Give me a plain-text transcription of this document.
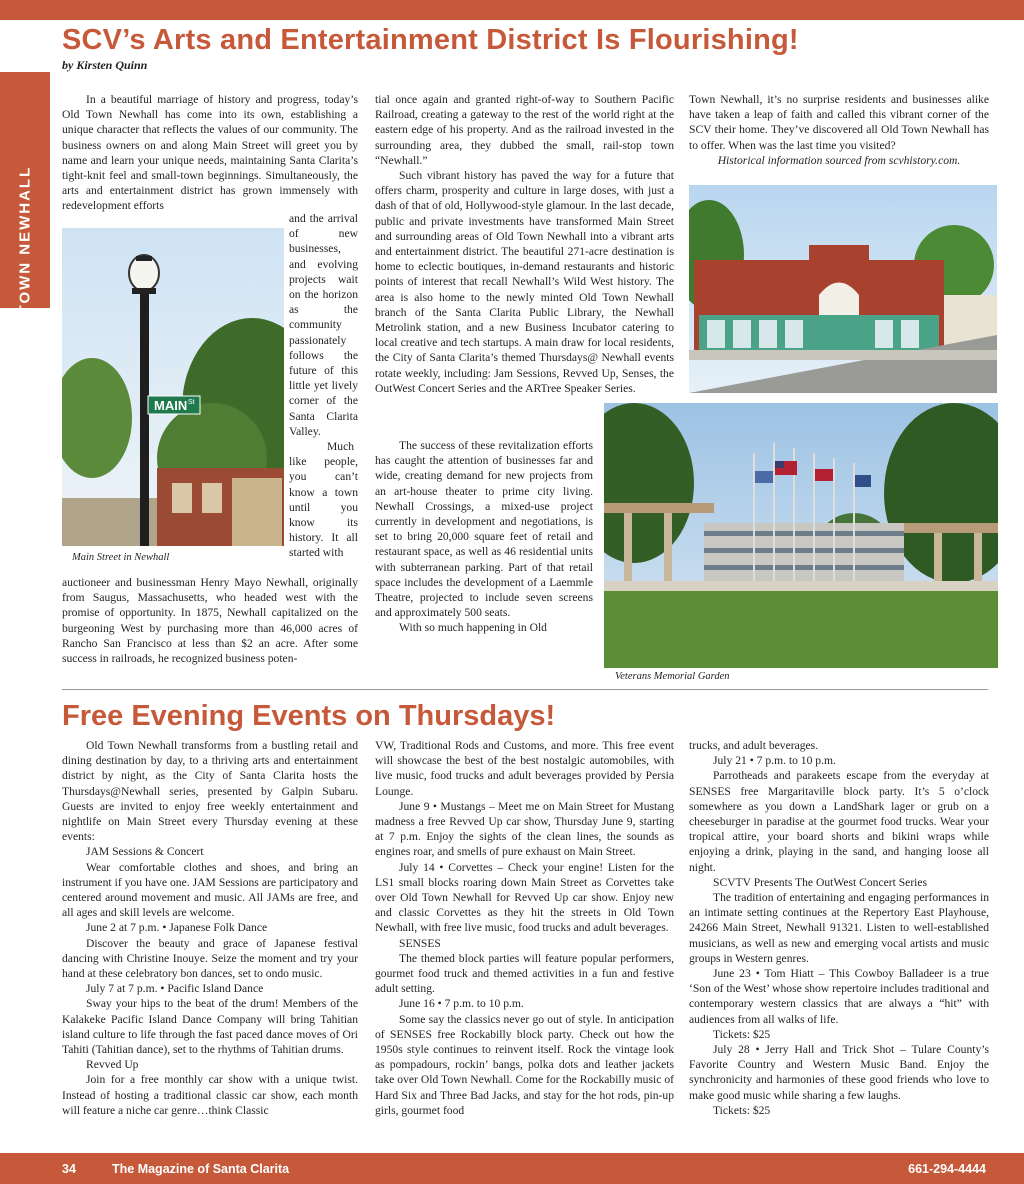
OLD TOWN NEWHALL
SCV’s Arts and Entertainment District Is Flourishing!
by Kirsten Quinn

In a beautiful marriage of history and progress, today’s Old Town Newhall has come into its own, establishing a unique character that reflects the values of our community. The business owners on and along Main Street will greet you by name and learn your unique needs, maintaining Santa Clarita’s tight-knit feel and small-town beginnings. Simultaneously, the arts and entertainment district has grown immensely with redevelopment efforts

MAIN St
Main Street in Newhall

and the arrival of new businesses, and evolving projects wait on the horizon as the community passionately follows the future of this little yet lively corner of the Santa Clarita Valley.

Much like people, you can’t know a town until you know its history. It all started with

auctioneer and businessman Henry Mayo Newhall, originally from Saugus, Massachusetts, who headed west with the promise of opportunity. In 1875, Newhall capitalized on the burgeoning West by purchasing more than 46,000 acres of Rancho San Francisco at less than $2 an acre. After some success in railroads, he recognized business poten-

tial once again and granted right-of-way to Southern Pacific Railroad, creating a gateway to the rest of the world right at the eastern edge of his property. And as the railroad invested in the surrounding area, they dubbed the small, rail-stop town “Newhall.”

Such vibrant history has paved the way for a future that offers charm, prosperity and culture in large doses, with just a dash of that of old, Hollywood-style glamour. In the last decade, public and private investments have transformed Main Street and surrounding areas of Old Town Newhall into a vibrant arts and entertainment district. The beautiful 271-acre destination is home to eclectic boutiques, in-demand restaurants and historic points of interest that recall Newhall’s Wild West history. The area is also home to the newly minted Old Town Newhall branch of the Santa Clarita Public Library, the Newhall Metrolink station, and a new Business Incubator catering to local creative and tech startups. A main draw for local residents, the City of Santa Clarita’s themed Thursdays@ Newhall events rotate weekly, including: Jam Sessions, Revved Up, Senses, the OutWest Concert Series and the ARTree Speaker Series.

The success of these revitalization efforts has caught the attention of businesses far and wide, creating demand for new projects from an art-house theater to prime city living. Newhall Crossings, a mixed-use project currently in development and negotiations, is set to bring 20,000 square feet of retail and restaurant space, as well as 46 residential units with subterranean parking. Part of that retail space includes the development of a Laemmle Theatre, projected to include seven screens and approximately 500 seats.

With so much happening in Old

Town Newhall, it’s no surprise residents and businesses alike have taken a leap of faith and called this vibrant corner of the SCV their home. They’ve discovered all Old Town Newhall has to offer. When was the last time you visited?

Historical information sourced from scvhistory.com.

Veterans Memorial Garden
Free Evening Events on Thursdays!

Old Town Newhall transforms from a bustling retail and dining destination by day, to a thriving arts and entertainment district by night, as the City of Santa Clarita hosts the Thursdays@Newhall series, presented by Galpin Subaru. Guests are invited to enjoy free weekly entertainment and nightlife on Main Street every Thursday evening at these events:

JAM Sessions & Concert

Wear comfortable clothes and shoes, and bring an instrument if you have one. JAM Sessions are participatory and centered around movement and music. All JAMs are free, and all ages and skill levels are welcome.

June 2 at 7 p.m. • Japanese Folk Dance

Discover the beauty and grace of Japanese festival dancing with Christine Inouye. Seize the moment and try your hand at these celebratory bon dances, set to ondo music.

July 7 at 7 p.m. • Pacific Island Dance

Sway your hips to the beat of the drum! Members of the Kalakeke Pacific Island Dance Company will bring Tahitian island culture to life through the fast paced dance moves of Ori Tahiti (Tahitian dance), set to the rhythms of Tahitian drums.

Revved Up

Join for a free monthly car show with a unique twist. Instead of hosting a traditional classic car show, each month will feature a niche car genre…think Classic

VW, Traditional Rods and Customs, and more. This free event will showcase the best of the best nostalgic automobiles, with live music, food trucks and adult beverages provided by Persia Lounge.

June 9 • Mustangs – Meet me on Main Street for Mustang madness a free Revved Up car show, Thursday June 9, starting at 7 p.m. Enjoy the sights of the clean lines, the sounds as engines roar, and smells of pure exhaust on Main Street.

July 14 • Corvettes – Check your engine! Listen for the LS1 small blocks roaring down Main Street as Corvettes take over Old Town Newhall for Revved Up car show. Enjoy new and classic Corvettes as they hit the streets in Old Town Newhall, with free live music, food trucks and adult beverages.

SENSES

The themed block parties will feature popular performers, gourmet food truck and themed activities in a fun and festive adult setting.

June 16 • 7 p.m. to 10 p.m.

Some say the classics never go out of style. In anticipation of SENSES free Rockabilly block party. Check out how the 1950s style continues to reinvent itself. Rock the vintage look as pompadours, rockin’ bangs, polka dots and leather jackets take over Old Town Newhall. Come for the Rockabilly music of Hard Six and Three Bad Jacks, and stay for the hot rods, pin-up girls, gourmet food

trucks, and adult beverages.

July 21 • 7 p.m. to 10 p.m.

Parrotheads and parakeets escape from the everyday at SENSES free Margaritaville block party. It’s 5 o’clock somewhere as you down a LandShark lager or grub on a cheeseburger in paradise at the gourmet food trucks. Wear your tropical attire, your board shorts and bikini wraps while enjoying a drink, playing in the sand, and hanging loose all night.

SCVTV Presents The OutWest Concert Series

The tradition of entertaining and engaging performances in an intimate setting continues at the Repertory East Playhouse, 24266 Main Street, Newhall 91321. Listen to well-established musicians, as well as new and emerging vocal artists and music groups in Western genres.

June 23 • Tom Hiatt – This Cowboy Balladeer is a true ‘Son of the West’ whose show repertoire includes traditional and contemporary western classics that are always a “hit” with audiences from all walks of life.

Tickets: $25

July 28 • Jerry Hall and Trick Shot – Tulare County’s Favorite Country and Western Music Band. Enjoy the synchronicity and harmonies of these good friends who love to make good music while sharing a few laughs.

Tickets: $25

34	The Magazine of Santa Clarita	661-294-4444
